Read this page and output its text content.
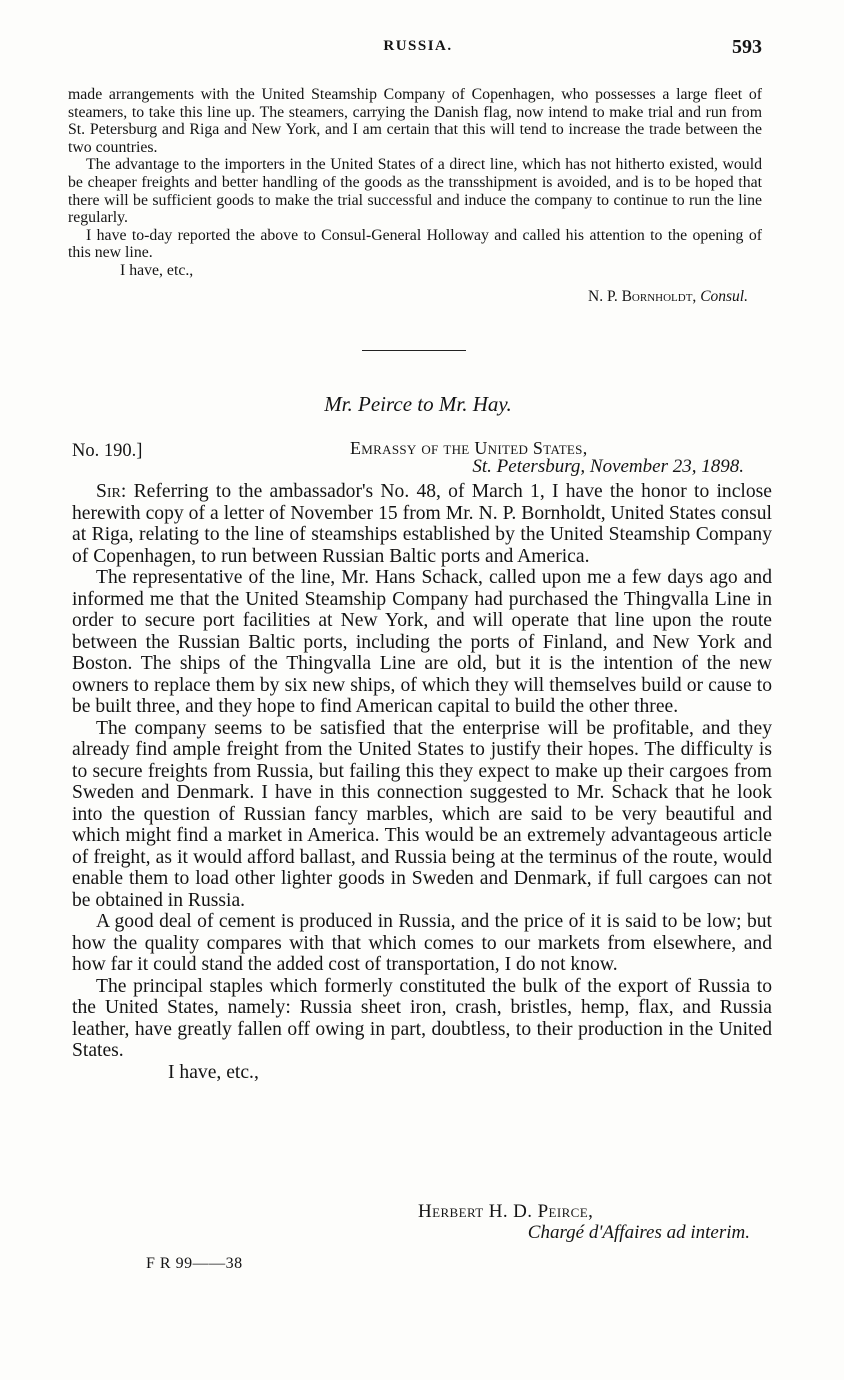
RUSSIA.	593

made arrangements with the United Steamship Company of Copenhagen, who possesses a large fleet of steamers, to take this line up. The steamers, carrying the Danish flag, now intend to make trial and run from St. Petersburg and Riga and New York, and I am certain that this will tend to increase the trade between the two countries.

The advantage to the importers in the United States of a direct line, which has not hitherto existed, would be cheaper freights and better handling of the goods as the transshipment is avoided, and is to be hoped that there will be sufficient goods to make the trial successful and induce the company to continue to run the line regularly.

I have to-day reported the above to Consul-General Holloway and called his attention to the opening of this new line.

I have, etc.,

N. P. Bornholdt, Consul.
Mr. Peirce to Mr. Hay.
No. 190.]	Emrassy of the United States,
St. Petersburg, November 23, 1898.

Sir: Referring to the ambassador's No. 48, of March 1, I have the honor to inclose herewith copy of a letter of November 15 from Mr. N. P. Bornholdt, United States consul at Riga, relating to the line of steamships established by the United Steamship Company of Copenhagen, to run between Russian Baltic ports and America.

The representative of the line, Mr. Hans Schack, called upon me a few days ago and informed me that the United Steamship Company had purchased the Thingvalla Line in order to secure port facilities at New York, and will operate that line upon the route between the Russian Baltic ports, including the ports of Finland, and New York and Boston. The ships of the Thingvalla Line are old, but it is the intention of the new owners to replace them by six new ships, of which they will themselves build or cause to be built three, and they hope to find American capital to build the other three.

The company seems to be satisfied that the enterprise will be profitable, and they already find ample freight from the United States to justify their hopes. The difficulty is to secure freights from Russia, but failing this they expect to make up their cargoes from Sweden and Denmark. I have in this connection suggested to Mr. Schack that he look into the question of Russian fancy marbles, which are said to be very beautiful and which might find a market in America. This would be an extremely advantageous article of freight, as it would afford ballast, and Russia being at the terminus of the route, would enable them to load other lighter goods in Sweden and Denmark, if full cargoes can not be obtained in Russia.

A good deal of cement is produced in Russia, and the price of it is said to be low; but how the quality compares with that which comes to our markets from elsewhere, and how far it could stand the added cost of transportation, I do not know.

The principal staples which formerly constituted the bulk of the export of Russia to the United States, namely: Russia sheet iron, crash, bristles, hemp, flax, and Russia leather, have greatly fallen off owing in part, doubtless, to their production in the United States.

I have, etc.,

Herbert H. D. Peirce,
Chargé d'Affaires ad interim.
F R 99——38
